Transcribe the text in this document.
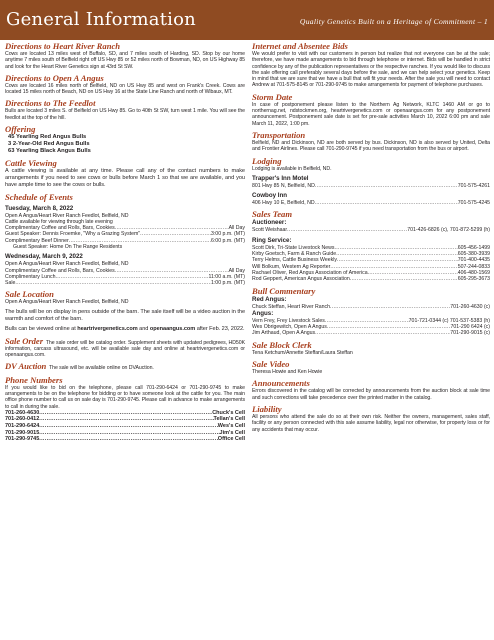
General Information	Quality Genetics Built on a Heritage of Commitment – 1
Directions to Heart River Ranch
Cows are located 13 miles west of Buffalo, SD, and 7 miles south of Harding, SD. Stop by our home anytime 7 miles south of Belfield right off US Hwy 85 or 52 miles north of Bowman, ND, on US Highway 85 and look for the Heart River Genetics sign at 43rd St SW.
Directions to Open A Angus
Cows are located 16 miles north of Belfield, ND on US Hwy 85 and west on Frank's Creek. Cows are located 15 miles north of Beach, ND on US Hwy 16 at the State Line Ranch and north of Wibaux, MT.
Directions to The Feedlot
Bulls are located 3 miles S. of Belfield on US Hwy 85. Go to 40th St SW, turn west 1 mile. You will see the feedlot at the top of the hill.
Offering
45 Yearling Red Angus Bulls
3 2-Year-Old Red Angus Bulls
63 Yearling Black Angus Bulls
Cattle Viewing
A cattle viewing is available at any time. Please call any of the contact numbers to make arrangements if you need to see cows or bulls before March 1 so that we are available, and you have ample time to see the cows or bulls.
Schedule of Events
Tuesday, March 8, 2022
Open A Angus/Heart River Ranch Feedlot, Belfield, ND
Cattle available for viewing through late evening
Complimentary Coffee and Rolls, Bars, Cookies .....	All Day
Guest Speaker: Dennis Froemke, "Why a Grazing System" .....	3:00 p.m. (MT)
Complimentary Beef Dinner .....	6:00 p.m. (MT)
Guest Speaker: Home On The Range Residents
Wednesday, March 9, 2022
Open A Angus/Heart River Ranch Feedlot, Belfield, ND
Complimentary Coffee and Rolls, Bars, Cookies .....	All Day
Complimentary Lunch .....	11:00 a.m. (MT)
Sale .....	1:00 p.m. (MT)
Sale Location
Open A Angus/Heart River Ranch Feedlot, Belfield, ND
The bulls will be on display in pens outside of the barn. The sale itself will be a video auction in the warmth and comfort of the barn.
Bulls can be viewed online at heartrivergenetics.com and openaangus.com after Feb. 23, 2022.
Sale Order The sale order will be catalog order. Supplement sheets with updated pedigrees, HD50K information, carcass ultrasound, etc. will be available sale day and online at heartrivergenetics.com or openaangus.com.
DV Auction The sale will be available online on DVAuction.
Phone Numbers
If you would like to bid on the telephone, please call 701-290-6424 or 701-290-9745 to make arrangements to be on the telephone for bidding or to have someone look at the cattle for you. The main office phone number to call us on sale day is 701-290-9745. Please call in advance to make arrangements to call in during the sale.
701-260-4630 .....	Chuck's Cell
701-260-0412 .....	Tellan's Cell
701-290-6424 .....	Wes's Cell
701-290-9015 .....	Jim's Cell
701-290-9745 .....	Office Cell
Internet and Absentee Bids
We would prefer to visit with our customers in person but realize that not everyone can be at the sale; therefore, we have made arrangements to bid through telephone or internet. Bids will be handled in strict confidence by any of the publication representatives or the respective ranches. If you would like to discuss the sale offering call preferably several days before the sale, and we can help select your genetics. Keep in mind that we are sure that we have a bull that will fit your needs. After the sale you will need to contact Andrew at 701-575-8145 or 701-290-9745 to make arrangements for payment of telephone purchases.
Storm Date
In case of postponement please listen to the Northern Ag Network, KLTC 1460 AM or go to northernag.net, ndstockmen.org, heartrivergenetics.com or openaangus.com for any postponement announcement. Postponement sale date is set for pre-sale activities March 10, 2022 6:00 pm and sale March 11, 2022, 1:00 pm.
Transportation
Belfield, ND and Dickinson, ND are both served by bus. Dickinson, ND is also served by United, Delta and Frontier Airlines. Please call 701-290-9745 if you need transportation from the bus or airport.
Lodging
Lodging is available in Belfield, ND.
Trapper's Inn Motel
801 Hwy 85 N, Belfield, ND .....	701-575-4261
Cowboy Inn
406 Hwy 10 E, Belfield, ND .....	701-575-4245
Sales Team
Auctioneer:
Scott Weishaar .....	701-426-6826 (c), 701-872-5299 (h)
Ring Service:
Scott Dirk, Tri-State Livestock News .....	605-456-1499
Kirby Goetsch, Farm & Ranch Guide .....	605-380-3939
Terry Helms, Cattle Business Weekly .....	701-400-4435
Will Bolkum, Western Ag Reporter .....	507-244-0833
Rachael Oliver, Red Angus Association of America .....	406-480-1569
Rod Geppert, American Angus Association .....	605-295-3673
Bull Commentary
Red Angus:
Chuck Steffan, Heart River Ranch .....	701-260-4630 (c)
Angus:
Vern Frey, Frey Livestock Sales .....	701-721-0344 (c) 701-537-5383 (h)
Wes Obrigewitch, Open A Angus .....	701-290 6424 (c)
Jim Arthaud, Open A Angus .....	701-290-9015 (c)
Sale Block Clerk
Tena Ketchum/Annette Steffan/Laura Steffan
Sale Video
Theresa Howie and Ken Howie
Announcements
Errors discovered in the catalog will be corrected by announcements from the auction block at sale time and such corrections will take precedence over the printed matter in the catalog.
Liability
All persons who attend the sale do so at their own risk. Neither the owners, management, sales staff, facility or any person connected with this sale assume liability, legal nor otherwise, for property loss or for any accidents that may occur.
